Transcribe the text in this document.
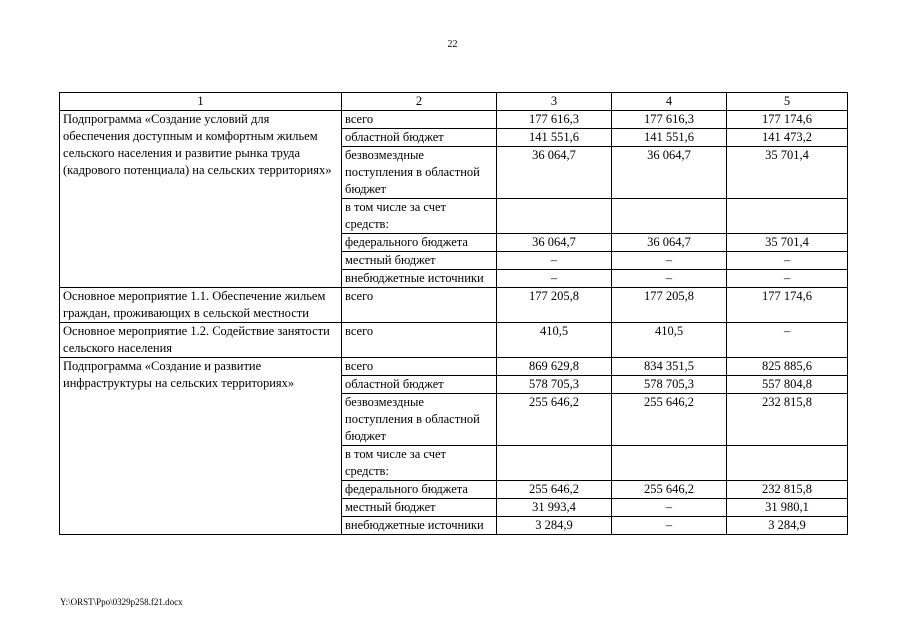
22
1	2	3	4	5
Подпрограмма «Создание условий для обеспечения доступным и комфортным жильем сельского населения и развитие рынка труда (кадрового потенциала) на сельских территориях»	всего	177 616,3	177 616,3	177 174,6
	областной бюджет	141 551,6	141 551,6	141 473,2
	безвозмездные поступления в областной бюджет	36 064,7	36 064,7	35 701,4
	в том числе за счет средств:			
	федерального бюджета	36 064,7	36 064,7	35 701,4
	местный бюджет	–	–	–
	внебюджетные источники	–	–	–
Основное мероприятие 1.1. Обеспечение жильем граждан, проживающих в сельской местности	всего	177 205,8	177 205,8	177 174,6
Основное мероприятие 1.2. Содействие занятости сельского населения	всего	410,5	410,5	–
Подпрограмма «Создание и развитие инфраструктуры на сельских территориях»	всего	869 629,8	834 351,5	825 885,6
	областной бюджет	578 705,3	578 705,3	557 804,8
	безвозмездные поступления в областной бюджет	255 646,2	255 646,2	232 815,8
	в том числе за счет средств:			
	федерального бюджета	255 646,2	255 646,2	232 815,8
	местный бюджет	31 993,4	–	31 980,1
	внебюджетные источники	3 284,9	–	3 284,9
Y:\ORST\Ppo\0329p258.f21.docx
